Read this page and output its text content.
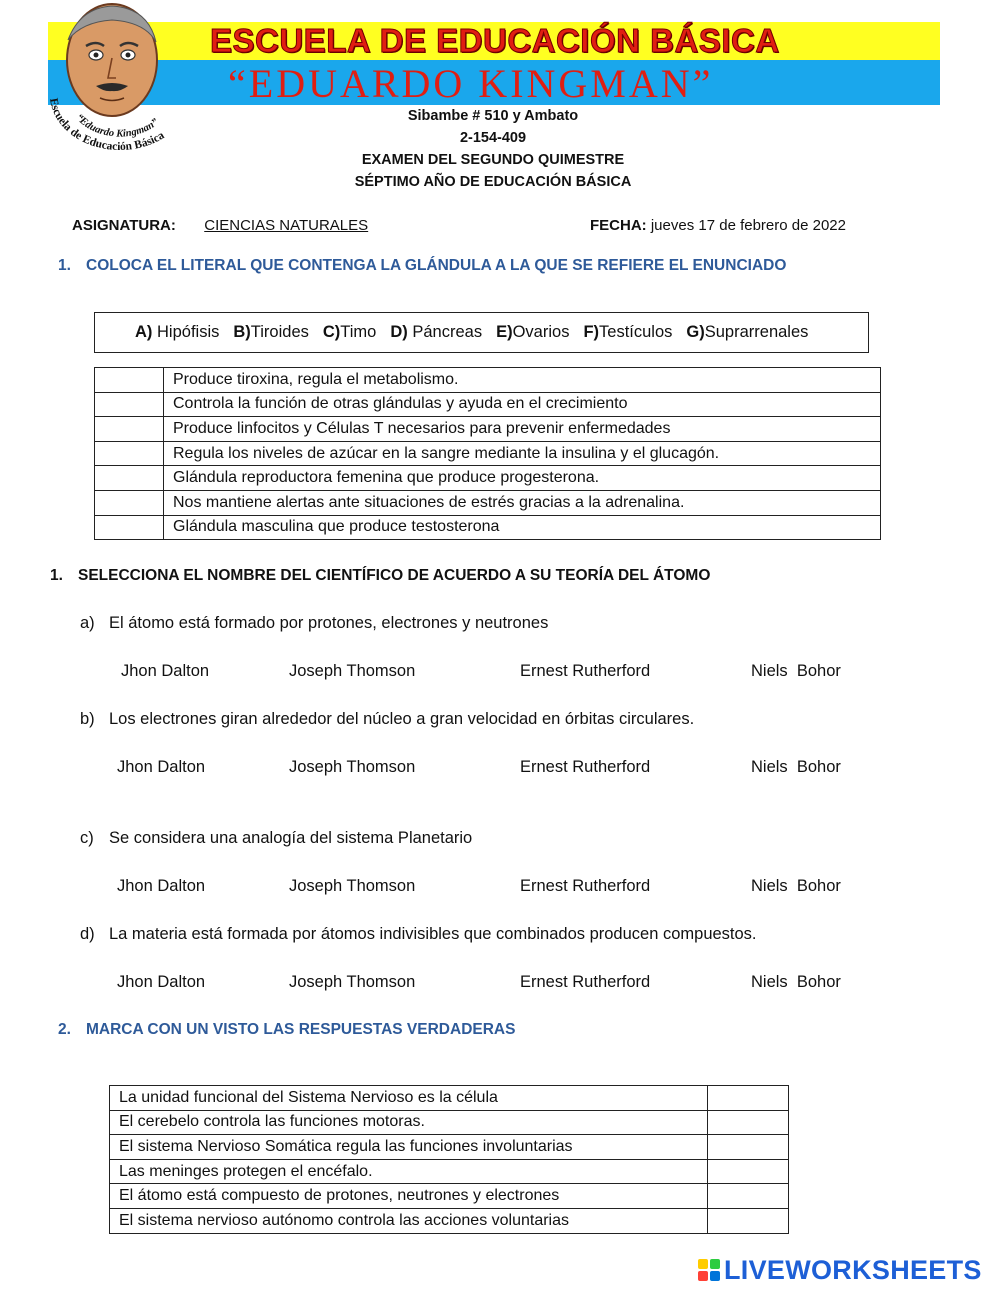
ESCUELA DE EDUCACIÓN BÁSICA
“EDUARDO KINGMAN”
Escuela de Educación Básica
“Eduardo Kingman”	Sibambe # 510 y Ambato
2-154-409
EXAMEN DEL SEGUNDO QUIMESTRE
SÉPTIMO AÑO DE EDUCACIÓN BÁSICA
ASIGNATURA: CIENCIAS NATURALES	FECHA: jueves 17 de febrero de 2022
1. COLOCA EL LITERAL QUE CONTENGA LA GLÁNDULA A LA QUE SE REFIERE EL ENUNCIADO
A) Hipófisis B)Tiroides C)Timo D) Páncreas E)Ovarios F)Testículos G)Suprarrenales
	Produce tiroxina, regula el metabolismo.
	Controla la función de otras glándulas y ayuda en el crecimiento
	Produce linfocitos y Células T necesarios para prevenir enfermedades
	Regula los niveles de azúcar en la sangre mediante la insulina y el glucagón.
	Glándula reproductora femenina que produce progesterona.
	Nos mantiene alertas ante situaciones de estrés gracias a la adrenalina.
	Glándula masculina que produce testosterona
1. SELECCIONA EL NOMBRE DEL CIENTÍFICO DE ACUERDO A SU TEORÍA DEL ÁTOMO
a) El átomo está formado por protones, electrones y neutrones
Jhon Dalton	Joseph Thomson	Ernest Rutherford	Niels  Bohor
b) Los electrones giran alrededor del núcleo a gran velocidad en órbitas circulares.
Jhon Dalton	Joseph Thomson	Ernest Rutherford	Niels  Bohor
c) Se considera una analogía del sistema Planetario
Jhon Dalton	Joseph Thomson	Ernest Rutherford	Niels  Bohor
d) La materia está formada por átomos indivisibles que combinados producen compuestos.
Jhon Dalton	Joseph Thomson	Ernest Rutherford	Niels  Bohor
2. MARCA CON UN VISTO LAS RESPUESTAS VERDADERAS
La unidad funcional del Sistema Nervioso es la célula	
El cerebelo controla las funciones motoras.	
El sistema Nervioso Somática regula las funciones involuntarias	
Las meninges protegen el encéfalo.	
El átomo está compuesto de protones, neutrones y electrones	
El sistema nervioso autónomo controla las acciones voluntarias	
LIVEWORKSHEETS
